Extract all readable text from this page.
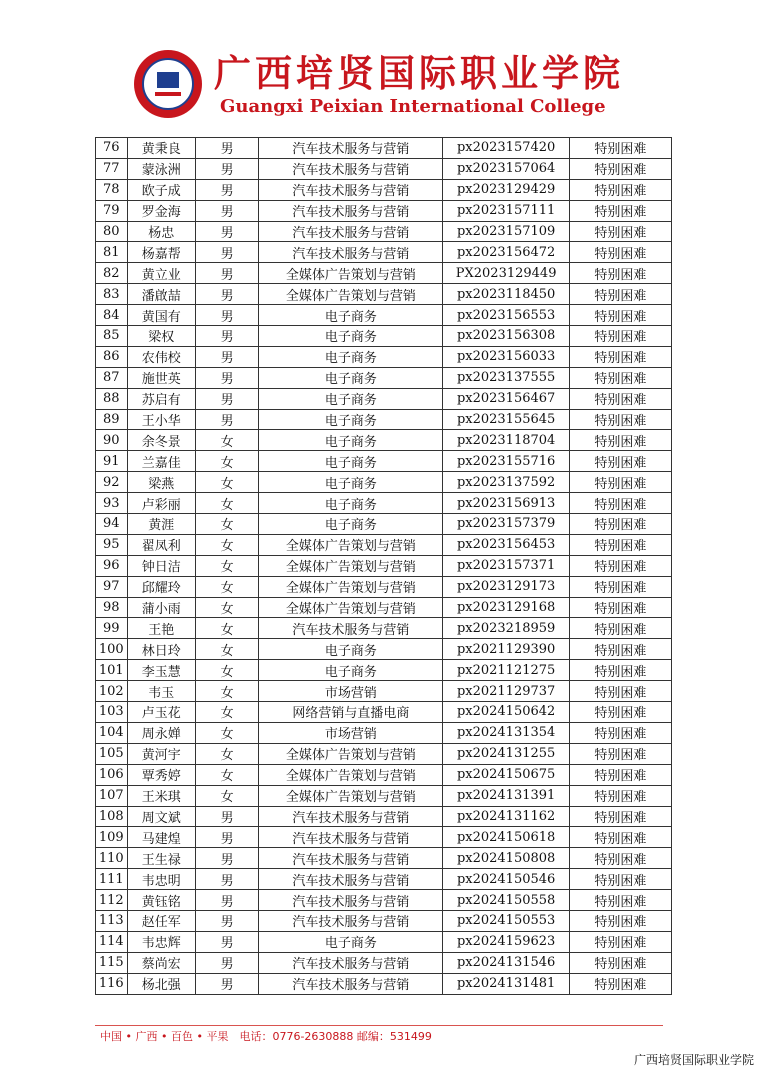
广西培贤国际职业学院
Guangxi Peixian International College
76	黄秉良	男	汽车技术服务与营销	px2023157420	特别困难
77	蒙泳洲	男	汽车技术服务与营销	px2023157064	特别困难
78	欧子成	男	汽车技术服务与营销	px2023129429	特别困难
79	罗金海	男	汽车技术服务与营销	px2023157111	特别困难
80	杨忠	男	汽车技术服务与营销	px2023157109	特别困难
81	杨嘉帮	男	汽车技术服务与营销	px2023156472	特别困难
82	黄立业	男	全媒体广告策划与营销	PX2023129449	特别困难
83	潘啟喆	男	全媒体广告策划与营销	px2023118450	特别困难
84	黄国有	男	电子商务	px2023156553	特别困难
85	梁权	男	电子商务	px2023156308	特别困难
86	农伟校	男	电子商务	px2023156033	特别困难
87	施世英	男	电子商务	px2023137555	特别困难
88	苏启有	男	电子商务	px2023156467	特别困难
89	王小华	男	电子商务	px2023155645	特别困难
90	余冬景	女	电子商务	px2023118704	特别困难
91	兰嘉佳	女	电子商务	px2023155716	特别困难
92	梁燕	女	电子商务	px2023137592	特别困难
93	卢彩丽	女	电子商务	px2023156913	特别困难
94	黄涯	女	电子商务	px2023157379	特别困难
95	翟凤利	女	全媒体广告策划与营销	px2023156453	特别困难
96	钟日洁	女	全媒体广告策划与营销	px2023157371	特别困难
97	邱耀玲	女	全媒体广告策划与营销	px2023129173	特别困难
98	蒲小雨	女	全媒体广告策划与营销	px2023129168	特别困难
99	王艳	女	汽车技术服务与营销	px2023218959	特别困难
100	林日玲	女	电子商务	px2021129390	特别困难
101	李玉慧	女	电子商务	px2021121275	特别困难
102	韦玉	女	市场营销	px2021129737	特别困难
103	卢玉花	女	网络营销与直播电商	px2024150642	特别困难
104	周永婵	女	市场营销	px2024131354	特别困难
105	黄河宇	女	全媒体广告策划与营销	px2024131255	特别困难
106	覃秀婷	女	全媒体广告策划与营销	px2024150675	特别困难
107	王米琪	女	全媒体广告策划与营销	px2024131391	特别困难
108	周文斌	男	汽车技术服务与营销	px2024131162	特别困难
109	马建煌	男	汽车技术服务与营销	px2024150618	特别困难
110	王生禄	男	汽车技术服务与营销	px2024150808	特别困难
111	韦忠明	男	汽车技术服务与营销	px2024150546	特别困难
112	黄钰铭	男	汽车技术服务与营销	px2024150558	特别困难
113	赵任军	男	汽车技术服务与营销	px2024150553	特别困难
114	韦忠辉	男	电子商务	px2024159623	特别困难
115	蔡尚宏	男	汽车技术服务与营销	px2024131546	特别困难
116	杨北强	男	汽车技术服务与营销	px2024131481	特别困难
中国 • 广西 • 百色 • 平果　电话：0776-2630888 邮编：531499
广西培贤国际职业学院
